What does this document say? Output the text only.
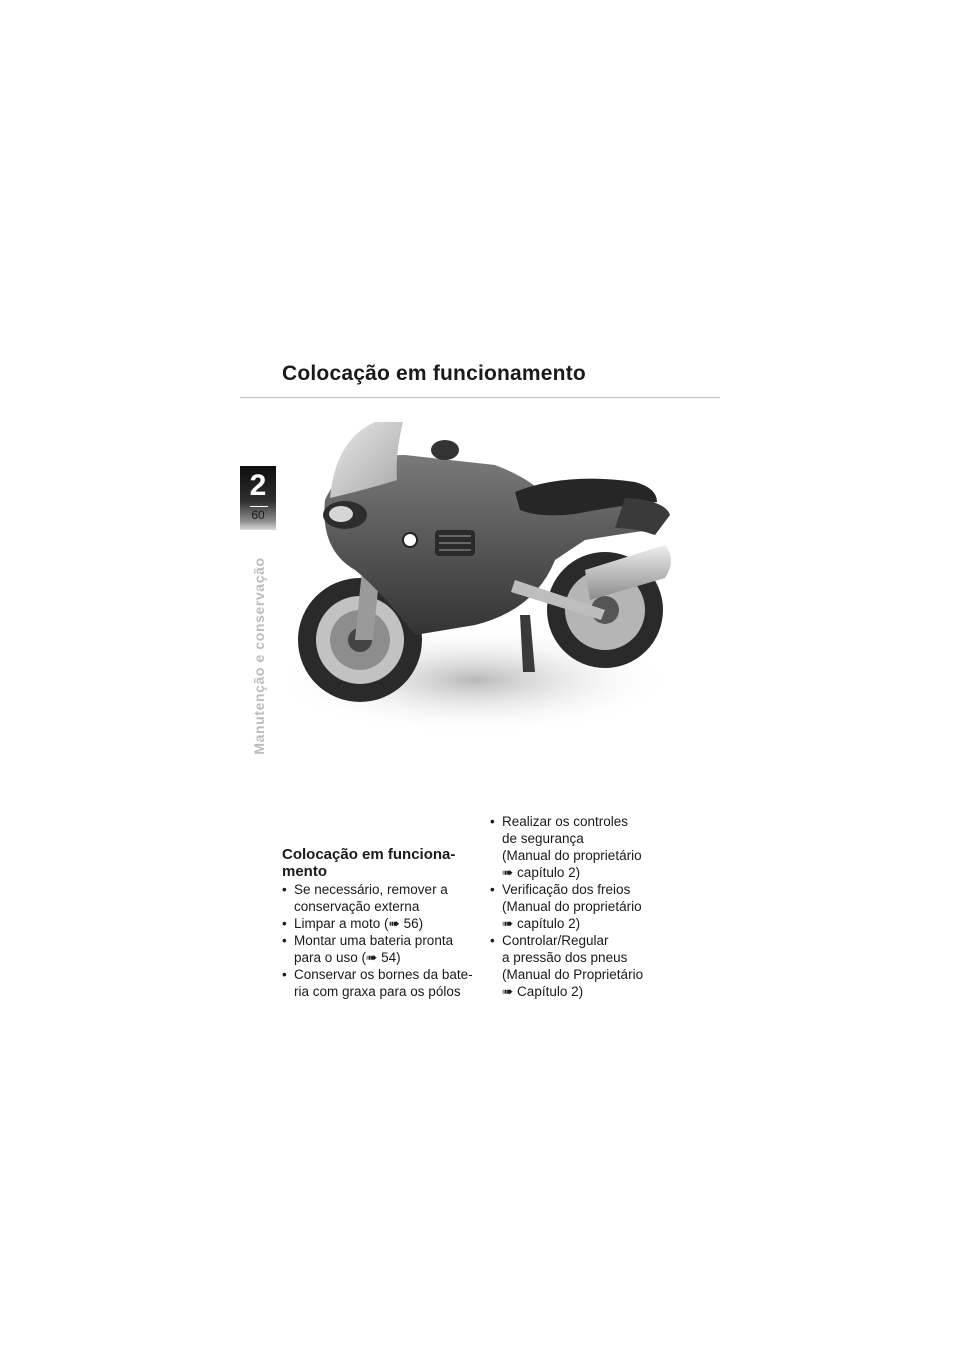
Colocação em funcionamento
2
60
Manutenção e conservação
Colocação em funciona-
mento
• Se necessário, remover a
conservação externa
• Limpar a moto (➠ 56)
• Montar uma bateria pronta
para o uso (➠ 54)
• Conservar os bornes da bate-
ria com graxa para os pólos
• Realizar os controles
de segurança
(Manual do proprietário
➠ capítulo 2)
• Verificação dos freios
(Manual do proprietário
➠ capítulo 2)
• Controlar/Regular
a pressão dos pneus
(Manual do Proprietário
➠ Capítulo 2)
